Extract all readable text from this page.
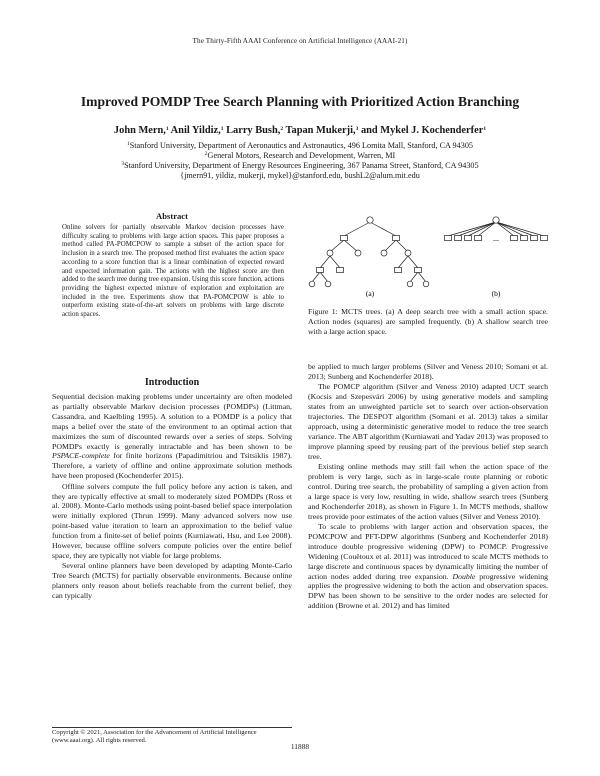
The Thirty-Fifth AAAI Conference on Artificial Intelligence (AAAI-21)
Improved POMDP Tree Search Planning with Prioritized Action Branching
John Mern,$^1$ Anil Yildiz,$^1$ Larry Bush,$^2$ Tapan Mukerji,$^3$ and Mykel J. Kochenderfer$^1$
$^1$Stanford University, Department of Aeronautics and Astronautics, 496 Lomita Mall, Stanford, CA 94305
$^2$General Motors, Research and Development, Warren, MI
$^3$Stanford University, Department of Energy Resources Engineering, 367 Panama Street, Stanford, CA 94305
{jmern91, yildiz, mukerji, mykel}@stanford.edu, bushL2@alum.mit.edu
Abstract
Online solvers for partially observable Markov decision processes have difficulty scaling to problems with large action spaces. This paper proposes a method called PA-POMCPOW to sample a subset of the action space for inclusion in a search tree. The proposed method first evaluates the action space according to a score function that is a linear combination of expected reward and expected information gain. The actions with the highest score are then added to the search tree during tree expansion. Using this score function, actions providing the highest expected mixture of exploration and exploitation are included in the tree. Experiments show that PA-POMCPOW is able to outperform existing state-of-the-art solvers on problems with large discrete action spaces.
Introduction

Sequential decision making problems under uncertainty are often modeled as partially observable Markov decision processes (POMDPs) (Littman, Cassandra, and Kaelbling 1995). A solution to a POMDP is a policy that maps a belief over the state of the environment to an optimal action that maximizes the sum of discounted rewards over a series of steps. Solving POMDPs exactly is generally intractable and has been shown to be PSPACE-complete for finite horizons (Papadimitriou and Tsitsiklis 1987). Therefore, a variety of offline and online approximate solution methods have been proposed (Kochenderfer 2015).

Offline solvers compute the full policy before any action is taken, and they are typically effective at small to moderately sized POMDPs (Ross et al. 2008). Monte-Carlo methods using point-based belief space interpolation were initially explored (Thrun 1999). Many advanced solvers now use point-based value iteration to learn an approximation to the belief value function from a finite-set of belief points (Kurniawati, Hsu, and Lee 2008). However, because offline solvers compute policies over the entire belief space, they are typically not viable for large problems.

Several online planners have been developed by adapting Monte-Carlo Tree Search (MCTS) for partially observable environments. Because online planners only reason about beliefs reachable from the current belief, they can typically

(a)
...
(b)
Figure 1: MCTS trees. (a) A deep search tree with a small action space. Action nodes (squares) are sampled frequently. (b) A shallow search tree with a large action space.

be applied to much larger problems (Silver and Veness 2010; Somani et al. 2013; Sunberg and Kochenderfer 2018).

The POMCP algorithm (Silver and Veness 2010) adapted UCT search (Kocsis and Szepesvári 2006) by using generative models and sampling states from an unweighted particle set to search over action-observation trajectories. The DESPOT algorithm (Somani et al. 2013) takes a similar approach, using a deterministic generative model to reduce the tree search variance. The ABT algorithm (Kurniawati and Yadav 2013) was proposed to improve planning speed by reusing part of the previous belief step search tree.

Existing online methods may still fail when the action space of the problem is very large, such as in large-scale route planning or robotic control. During tree search, the probability of sampling a given action from a large space is very low, resulting in wide, shallow search trees (Sunberg and Kochenderfer 2018), as shown in Figure 1. In MCTS methods, shallow trees provide poor estimates of the action values (Silver and Veness 2010).

To scale to problems with larger action and observation spaces, the POMCPOW and PFT-DPW algorithms (Sunberg and Kochenderfer 2018) introduce double progressive widening (DPW) to POMCP. Progressive Widening (Couëtoux et al. 2011) was introduced to scale MCTS methods to large discrete and continuous spaces by dynamically limiting the number of action nodes added during tree expansion. Double progressive widening applies the progressive widening to both the action and observation spaces. DPW has been shown to be sensitive to the order nodes are selected for addition (Browne et al. 2012) and has limited

Copyright © 2021, Association for the Advancement of Artificial Intelligence (www.aaai.org). All rights reserved.
11888
